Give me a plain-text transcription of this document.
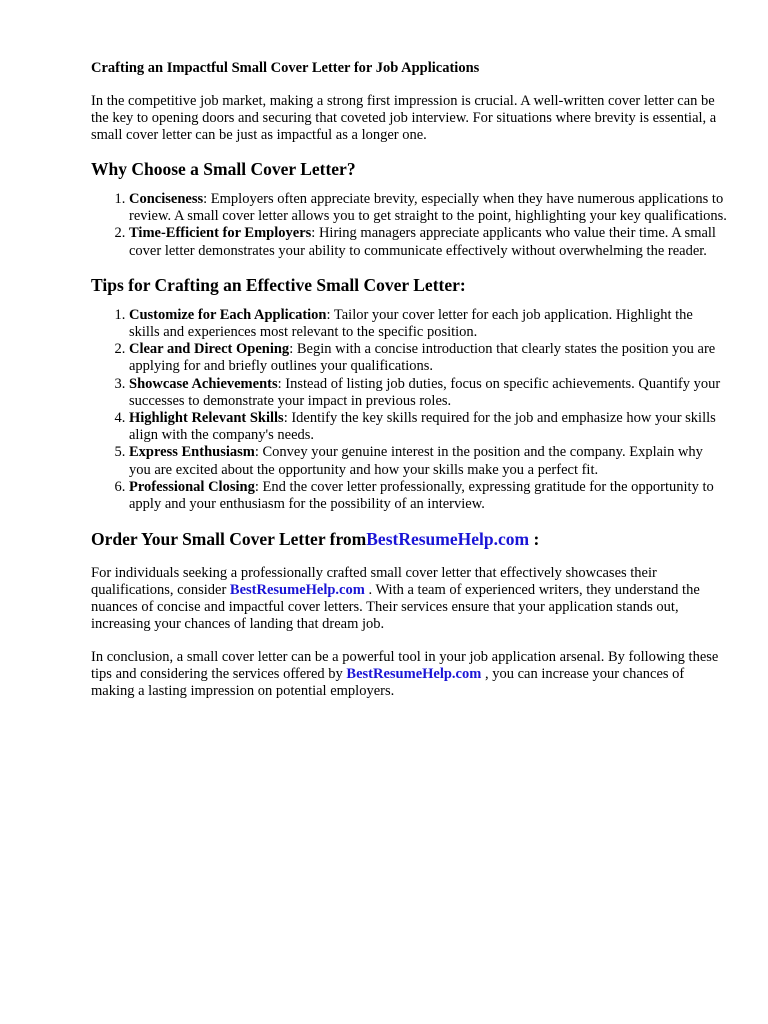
Crafting an Impactful Small Cover Letter for Job Applications

In the competitive job market, making a strong first impression is crucial. A well-written cover letter can be the key to opening doors and securing that coveted job interview. For situations where brevity is essential, a small cover letter can be just as impactful as a longer one.

Why Choose a Small Cover Letter?
1. Conciseness: Employers often appreciate brevity, especially when they have numerous applications to review. A small cover letter allows you to get straight to the point, highlighting your key qualifications.
2. Time-Efficient for Employers: Hiring managers appreciate applicants who value their time. A small cover letter demonstrates your ability to communicate effectively without overwhelming the reader.
Tips for Crafting an Effective Small Cover Letter:
1. Customize for Each Application: Tailor your cover letter for each job application. Highlight the skills and experiences most relevant to the specific position.
2. Clear and Direct Opening: Begin with a concise introduction that clearly states the position you are applying for and briefly outlines your qualifications.
3. Showcase Achievements: Instead of listing job duties, focus on specific achievements. Quantify your successes to demonstrate your impact in previous roles.
4. Highlight Relevant Skills: Identify the key skills required for the job and emphasize how your skills align with the company's needs.
5. Express Enthusiasm: Convey your genuine interest in the position and the company. Explain why you are excited about the opportunity and how your skills make you a perfect fit.
6. Professional Closing: End the cover letter professionally, expressing gratitude for the opportunity to apply and your enthusiasm for the possibility of an interview.
Order Your Small Cover Letter fromBestResumeHelp.com :

For individuals seeking a professionally crafted small cover letter that effectively showcases their qualifications, consider BestResumeHelp.com . With a team of experienced writers, they understand the nuances of concise and impactful cover letters. Their services ensure that your application stands out, increasing your chances of landing that dream job.

In conclusion, a small cover letter can be a powerful tool in your job application arsenal. By following these tips and considering the services offered by BestResumeHelp.com , you can increase your chances of making a lasting impression on potential employers.
